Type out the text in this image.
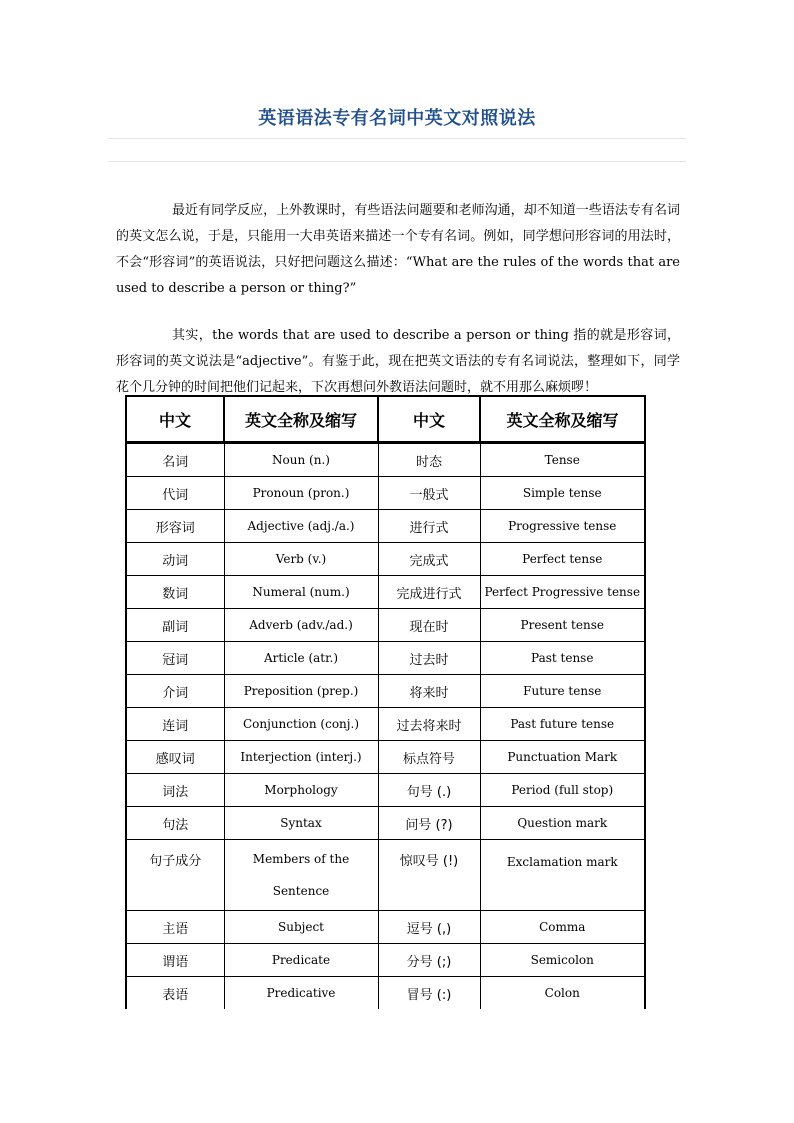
英语语法专有名词中英文对照说法

最近有同学反应，上外教课时，有些语法问题要和老师沟通，却不知道一些语法专有名词的英文怎么说，于是，只能用一大串英语来描述一个专有名词。例如，同学想问形容词的用法时，不会“形容词”的英语说法，只好把问题这么描述：“What are the rules of the words that are used to describe a person or thing?”

其实，the words that are used to describe a person or thing 指的就是形容词，形容词的英文说法是“adjective”。有鉴于此，现在把英文语法的专有名词说法，整理如下，同学花个几分钟的时间把他们记起来，下次再想问外教语法问题时，就不用那么麻烦啰！

中文	英文全称及缩写	中文	英文全称及缩写
名词	Noun (n.)	时态	Tense
代词	Pronoun (pron.)	一般式	Simple tense
形容词	Adjective (adj./a.)	进行式	Progressive tense
动词	Verb (v.)	完成式	Perfect tense
数词	Numeral (num.)	完成进行式	Perfect Progressive tense
副词	Adverb (adv./ad.)	现在时	Present tense
冠词	Article (atr.)	过去时	Past tense
介词	Preposition (prep.)	将来时	Future tense
连词	Conjunction (conj.)	过去将来时	Past future tense
感叹词	Interjection (interj.)	标点符号	Punctuation Mark
词法	Morphology	句号 (.)	Period (full stop)
句法	Syntax	问号 (?)	Question mark
句子成分	Members of the Sentence	惊叹号 (!)	Exclamation mark
主语	Subject	逗号 (,)	Comma
谓语	Predicate	分号 (;)	Semicolon
表语	Predicative	冒号 (:)	Colon
